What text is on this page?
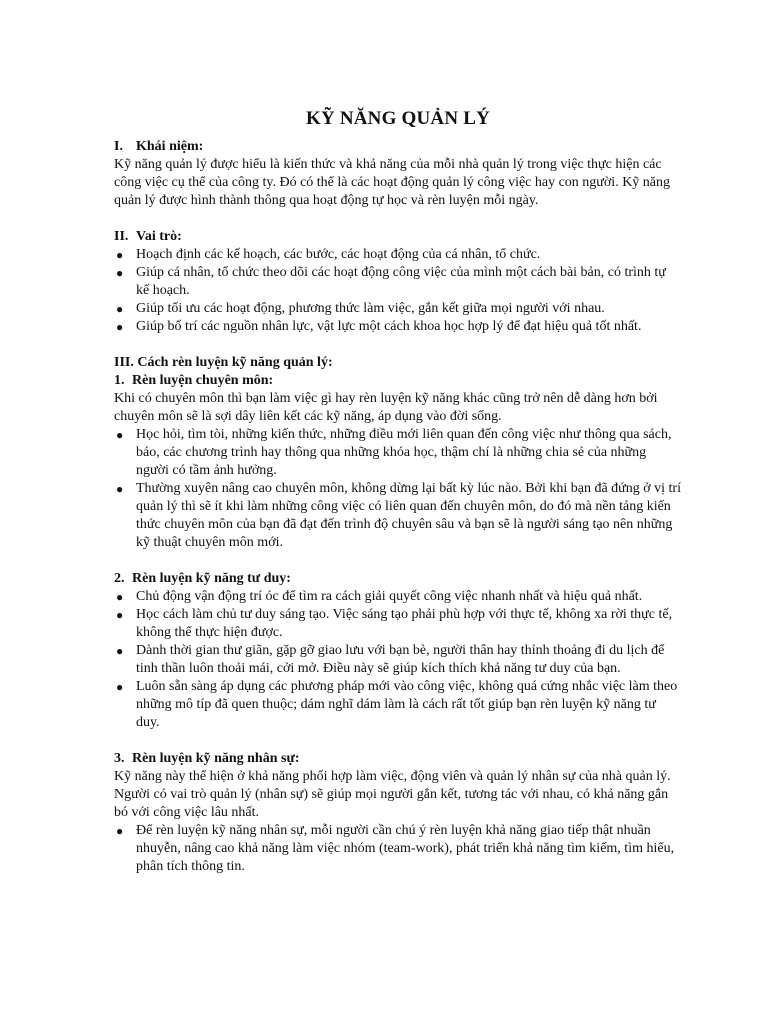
KỸ NĂNG QUẢN LÝ
I. Khái niệm:

Kỹ năng quản lý được hiểu là kiến thức và khả năng của mỗi nhà quản lý trong việc thực hiện các công việc cụ thể của công ty. Đó có thể là các hoạt động quản lý công việc hay con người. Kỹ năng quản lý được hình thành thông qua hoạt động tự học và rèn luyện mỗi ngày.

II. Vai trò:
● Hoạch định các kế hoạch, các bước, các hoạt động của cá nhân, tổ chức.
● Giúp cá nhân, tổ chức theo dõi các hoạt động công việc của mình một cách bài bản, có trình tự kế hoạch.
● Giúp tối ưu các hoạt động, phương thức làm việc, gắn kết giữa mọi người với nhau.
● Giúp bố trí các nguồn nhân lực, vật lực một cách khoa học hợp lý để đạt hiệu quả tốt nhất.
III. Cách rèn luyện kỹ năng quản lý:
1. Rèn luyện chuyên môn:

Khi có chuyên môn thì bạn làm việc gì hay rèn luyện kỹ năng khác cũng trở nên dễ dàng hơn bởi chuyên môn sẽ là sợi dây liên kết các kỹ năng, áp dụng vào đời sống.

● Học hỏi, tìm tòi, những kiến thức, những điều mới liên quan đến công việc như thông qua sách, báo, các chương trình hay thông qua những khóa học, thậm chí là những chia sẻ của những người có tầm ảnh hưởng.
● Thường xuyên nâng cao chuyên môn, không dừng lại bất kỳ lúc nào. Bởi khi bạn đã đứng ở vị trí quản lý thì sẽ ít khi làm những công việc có liên quan đến chuyên môn, do đó mà nền tảng kiến thức chuyên môn của bạn đã đạt đến trình độ chuyên sâu và bạn sẽ là người sáng tạo nên những kỹ thuật chuyên môn mới.
2. Rèn luyện kỹ năng tư duy:
● Chủ động vận động trí óc để tìm ra cách giải quyết công việc nhanh nhất và hiệu quả nhất.
● Học cách làm chủ tư duy sáng tạo. Việc sáng tạo phải phù hợp với thực tế, không xa rời thực tế, không thể thực hiện được.
● Dành thời gian thư giãn, gặp gỡ giao lưu với bạn bè, người thân hay thỉnh thoảng đi du lịch để tinh thần luôn thoải mái, cởi mở. Điều này sẽ giúp kích thích khả năng tư duy của bạn.
● Luôn sẵn sàng áp dụng các phương pháp mới vào công việc, không quá cứng nhắc việc làm theo những mô típ đã quen thuộc; dám nghĩ dám làm là cách rất tốt giúp bạn rèn luyện kỹ năng tư duy.
3. Rèn luyện kỹ năng nhân sự:

Kỹ năng này thể hiện ở khả năng phối hợp làm việc, động viên và quản lý nhân sự của nhà quản lý. Người có vai trò quản lý (nhân sự) sẽ giúp mọi người gắn kết, tương tác với nhau, có khả năng gắn bó với công việc lâu nhất.

● Để rèn luyện kỹ năng nhân sự, mỗi người cần chú ý rèn luyện khả năng giao tiếp thật nhuần nhuyễn, nâng cao khả năng làm việc nhóm (team-work), phát triển khả năng tìm kiếm, tìm hiểu, phân tích thông tin.
